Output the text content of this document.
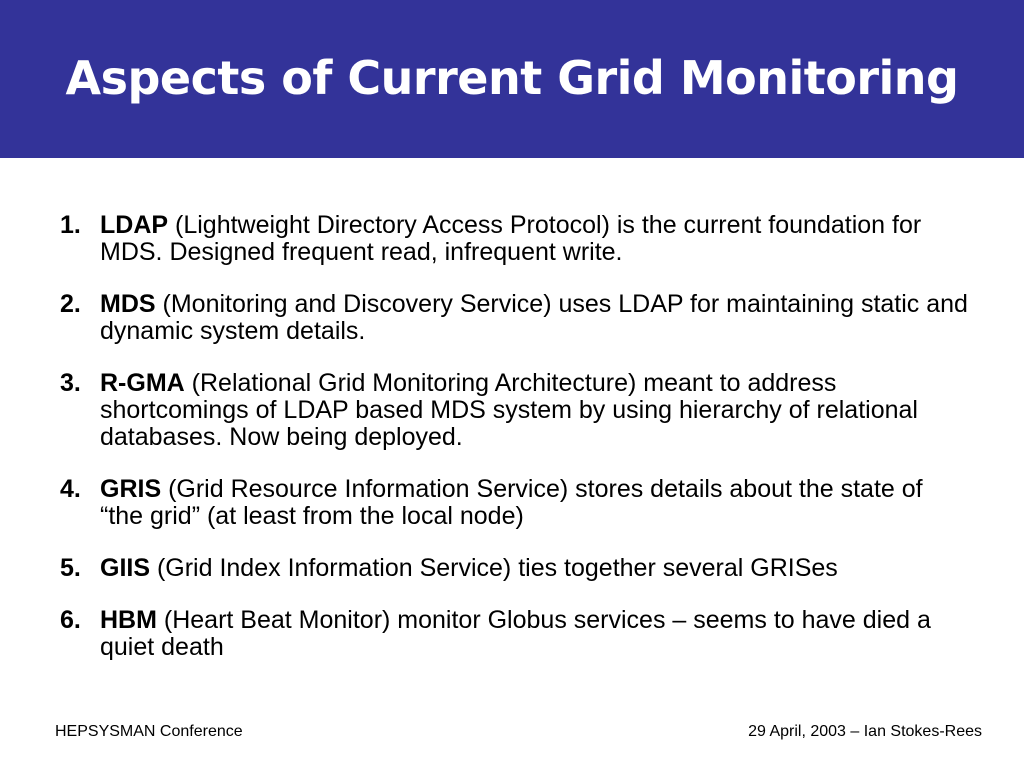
Aspects of Current Grid Monitoring
1. LDAP (Lightweight Directory Access Protocol) is the current foundation for MDS. Designed frequent read, infrequent write.
2. MDS (Monitoring and Discovery Service) uses LDAP for maintaining static and dynamic system details.
3. R-GMA (Relational Grid Monitoring Architecture) meant to address shortcomings of LDAP based MDS system by using hierarchy of relational databases. Now being deployed.
4. GRIS (Grid Resource Information Service) stores details about the state of “the grid” (at least from the local node)
5. GIIS (Grid Index Information Service) ties together several GRISes
6. HBM (Heart Beat Monitor) monitor Globus services – seems to have died a quiet death
HEPSYSMAN Conference	29 April, 2003 – Ian Stokes-Rees
